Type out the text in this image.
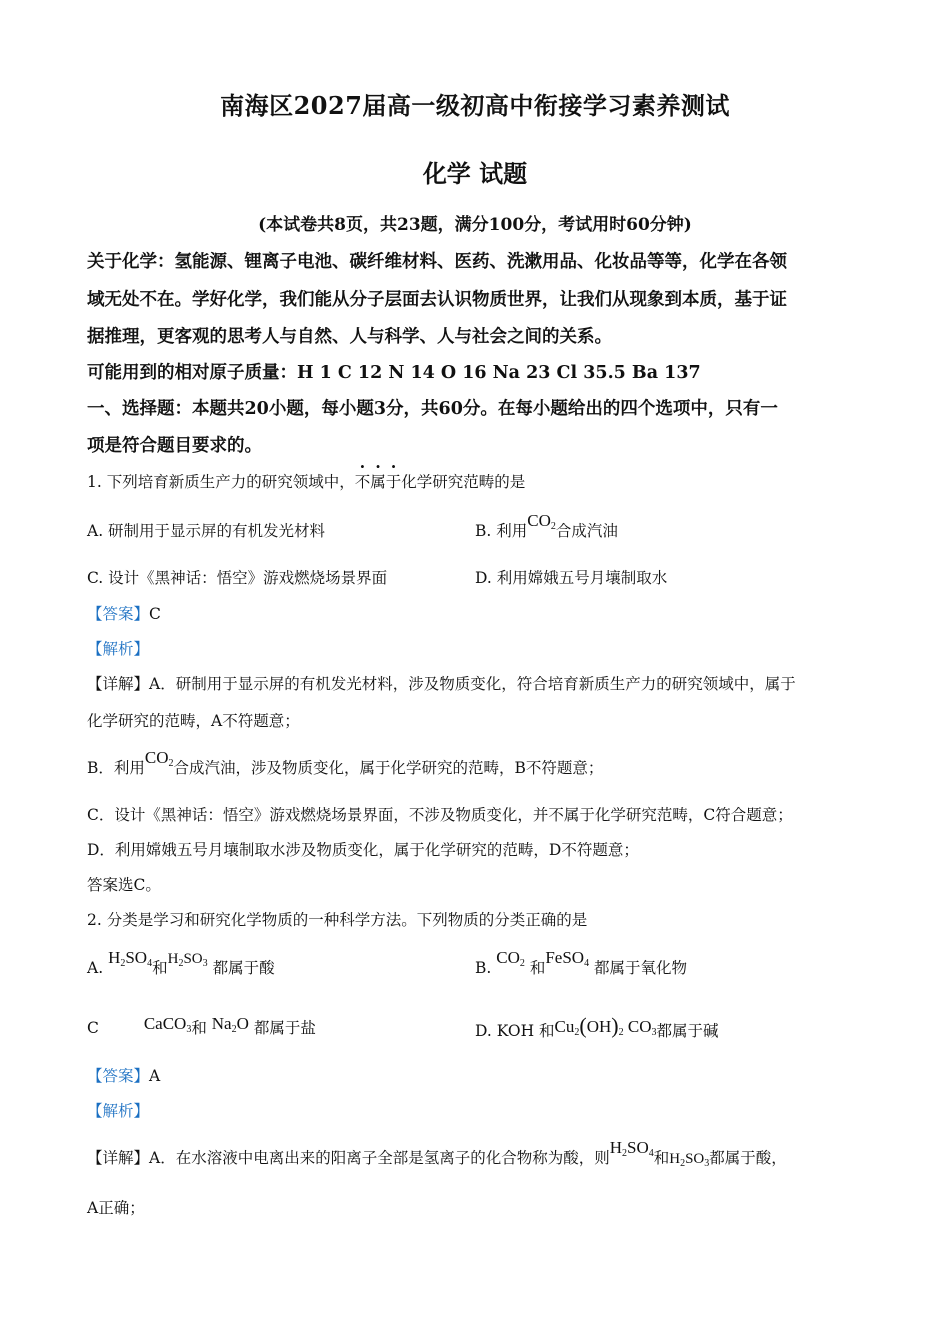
南海区2027届高一级初高中衔接学习素养测试
化学 试题
(本试卷共8页，共23题，满分100分，考试用时60分钟)
关于化学：氢能源、锂离子电池、碳纤维材料、医药、洗漱用品、化妆品等等，化学在各领
域无处不在。学好化学，我们能从分子层面去认识物质世界，让我们从现象到本质，基于证
据推理，更客观的思考人与自然、人与科学、人与社会之间的关系。
可能用到的相对原子质量：H 1 C 12 N 14 O 16 Na 23 Cl 35.5 Ba 137
一、选择题：本题共20小题，每小题3分，共60分。在每小题给出的四个选项中，只有一
项是符合题目要求的。
1. 下列培育新质生产力的研究领域中，不属于化学研究范畴的是
A. 研制用于显示屏的有机发光材料	B. 利用$CO_2$合成汽油
C. 设计《黑神话：悟空》游戏燃烧场景界面	D. 利用嫦娥五号月壤制取水
【答案】C
【解析】
【详解】A．研制用于显示屏的有机发光材料，涉及物质变化，符合培育新质生产力的研究领域中，属于
化学研究的范畴，A不符题意；
B．利用$CO_2$合成汽油，涉及物质变化，属于化学研究的范畴，B不符题意；
C．设计《黑神话：悟空》游戏燃烧场景界面，不涉及物质变化，并不属于化学研究范畴，C符合题意；
D．利用嫦娥五号月壤制取水涉及物质变化，属于化学研究的范畴，D不符题意；
答案选C。
2. 分类是学习和研究化学物质的一种科学方法。下列物质的分类正确的是
A. $H_2SO_4$和$H_2SO_3$ 都属于酸	B. $CO_2$ 和FeSO$_4$ 都属于氧化物
C	CaCO$_3$和 $Na_2O$ 都属于盐	D. KOH 和$Cu_2(OH)_2$ $CO_3$都属于碱
【答案】A
【解析】
【详解】A．在水溶液中电离出来的阳离子全部是氢离子的化合物称为酸，则$H_2SO_4$和$H_2SO_3$都属于酸，
A正确；
